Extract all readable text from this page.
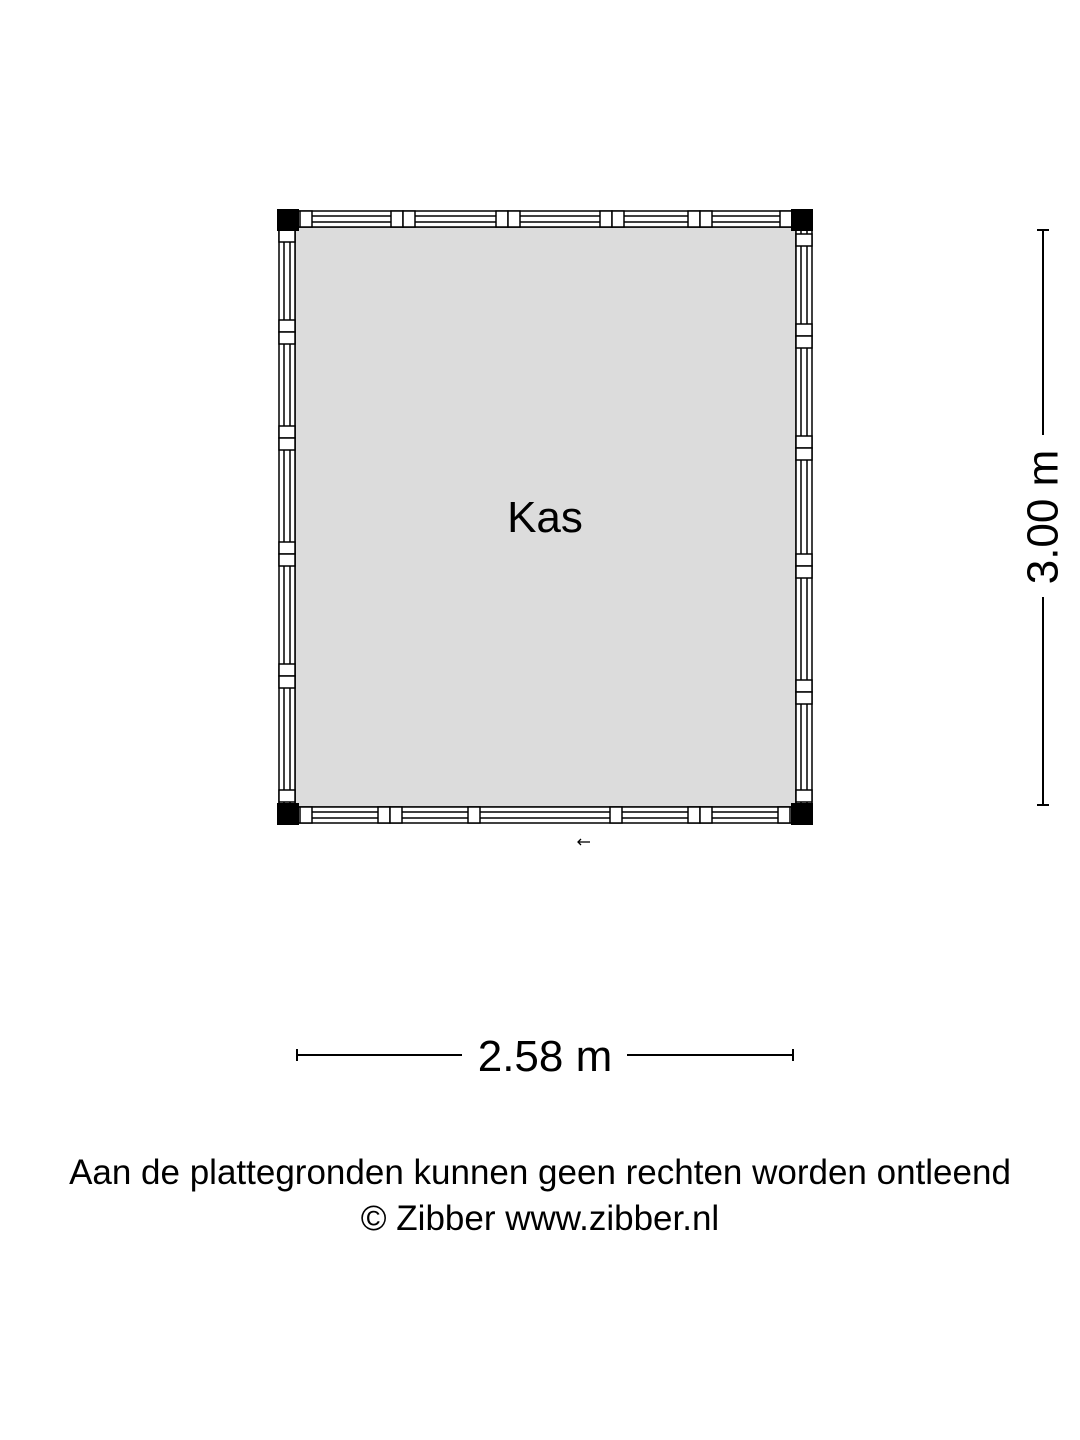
Kas	3.00 m
2.58 m
Aan de plattegronden kunnen geen rechten worden ontleend
© Zibber www.zibber.nl
